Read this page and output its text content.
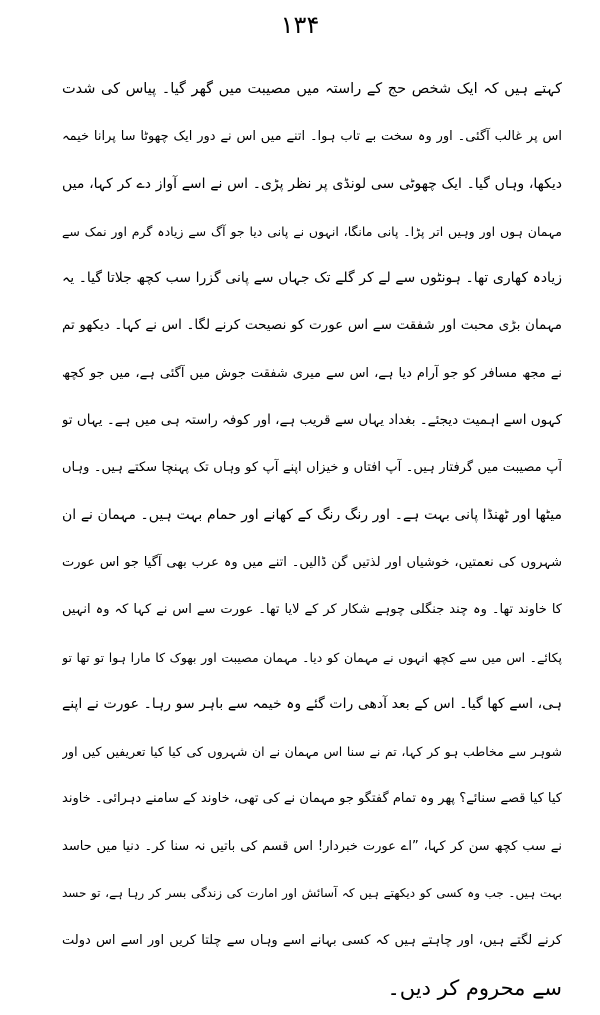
۱۳۴
کہتے ہیں کہ ایک شخص حج کے راستہ میں مصیبت میں گھر گیا۔ پیاس کی شدت
اس پر غالب آگئی۔ اور وہ سخت بے تاب ہوا۔ اتنے میں اس نے دور ایک چھوٹا سا پرانا خیمہ
دیکھا، وہاں گیا۔ ایک چھوٹی سی لونڈی پر نظر پڑی۔ اس نے اسے آواز دے کر کہا، میں
مہمان ہوں اور وہیں اتر پڑا۔ پانی مانگا، انہوں نے پانی دیا جو آگ سے زیادہ گرم اور نمک سے
زیادہ کھاری تھا۔ ہونٹوں سے لے کر گلے تک جہاں سے پانی گزرا سب کچھ جلاتا گیا۔ یہ
مہمان بڑی محبت اور شفقت سے اس عورت کو نصیحت کرنے لگا۔ اس نے کہا۔ دیکھو تم
نے مجھ مسافر کو جو آرام دیا ہے، اس سے میری شفقت جوش میں آگئی ہے، میں جو کچھ
کہوں اسے اہمیت دیجئے۔ بغداد یہاں سے قریب ہے، اور کوفہ راستہ ہی میں ہے۔ یہاں تو
آپ مصیبت میں گرفتار ہیں۔ آپ افتاں و خیزاں اپنے آپ کو وہاں تک پہنچا سکتے ہیں۔ وہاں
میٹھا اور ٹھنڈا پانی بہت ہے۔ اور رنگ رنگ کے کھانے اور حمام بہت ہیں۔ مہمان نے ان
شہروں کی نعمتیں، خوشیاں اور لذتیں گن ڈالیں۔ اتنے میں وہ عرب بھی آگیا جو اس عورت
کا خاوند تھا۔ وہ چند جنگلی چوہے شکار کر کے لایا تھا۔ عورت سے اس نے کہا کہ وہ انہیں
پکائے۔ اس میں سے کچھ انہوں نے مہمان کو دیا۔ مہمان مصیبت اور بھوک کا مارا ہوا تو تھا تو
ہی، اسے کھا گیا۔ اس کے بعد آدھی رات گئے وہ خیمہ سے باہر سو رہا۔ عورت نے اپنے
شوہر سے مخاطب ہو کر کہا، تم نے سنا اس مہمان نے ان شہروں کی کیا کیا تعریفیں کیں اور
کیا کیا قصے سنائے؟ پھر وہ تمام گفتگو جو مہمان نے کی تھی، خاوند کے سامنے دہرائی۔ خاوند
نے سب کچھ سن کر کہا، ”اے عورت خبردار! اس قسم کی باتیں نہ سنا کر۔ دنیا میں حاسد
بہت ہیں۔ جب وہ کسی کو دیکھتے ہیں کہ آسائش اور امارت کی زندگی بسر کر رہا ہے، تو حسد
کرنے لگتے ہیں، اور چاہتے ہیں کہ کسی بہانے اسے وہاں سے چلتا کریں اور اسے اس دولت
سے محروم کر دیں۔
